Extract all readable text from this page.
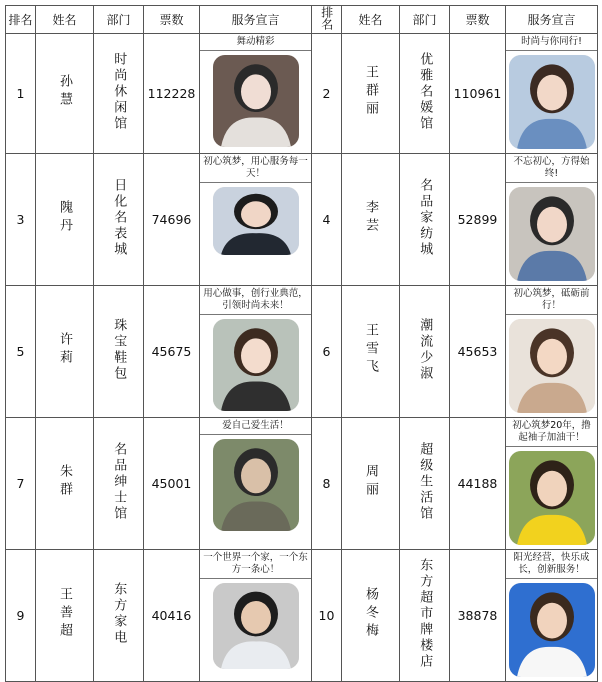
排名	姓名	部门	票数	服务宣言	排名	姓名	部门	票数	服务宣言
1	孙慧	时尚休闲馆	112228	舞动精彩	2	王群丽	优雅名媛馆	110961	时尚与你同行!

3	隗丹	日化名表城	74696	初心筑梦，用心服务每一天！	4	李芸	名品家纺城	52899	不忘初心，方得始终!

5	许莉	珠宝鞋包	45675	用心做事，创行业典范，引领时尚未来！	6	王雪飞	潮流少淑	45653	初心筑梦，砥砺前行！

7	朱群	名品绅士馆	45001	爱自己爱生活！	8	周丽	超级生活馆	44188	初心筑梦20年，撸起袖子加油干！

9	王善超	东方家电	40416	一个世界一个家，一个东方一条心！	10	杨冬梅	东方超市牌楼店	38878	阳光经营，快乐成长，创新服务！
